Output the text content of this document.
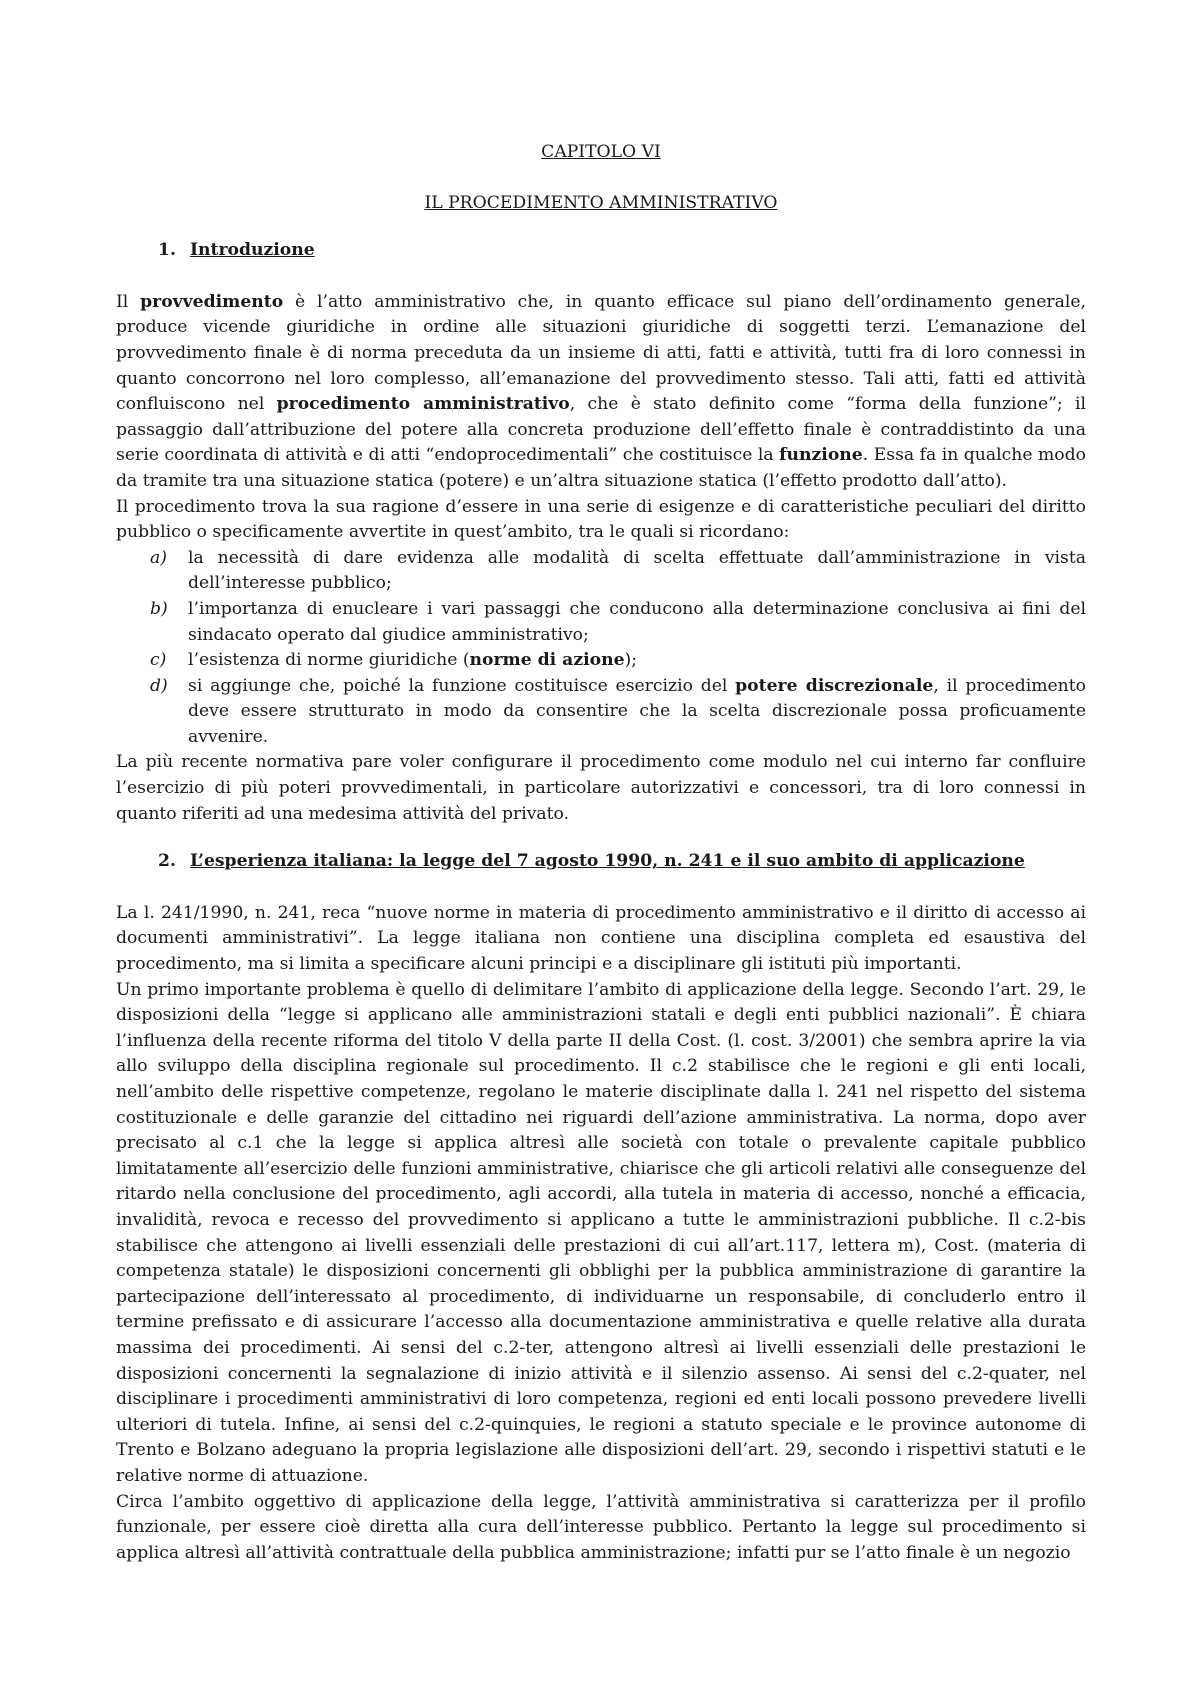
CAPITOLO VI

IL PROCEDIMENTO AMMINISTRATIVO

1. Introduzione

Il provvedimento è l’atto amministrativo che, in quanto efficace sul piano dell’ordinamento generale, produce vicende giuridiche in ordine alle situazioni giuridiche di soggetti terzi. L’emanazione del provvedimento finale è di norma preceduta da un insieme di atti, fatti e attività, tutti fra di loro connessi in quanto concorrono nel loro complesso, all’emanazione del provvedimento stesso. Tali atti, fatti ed attività confluiscono nel procedimento amministrativo, che è stato definito come “forma della funzione”; il passaggio dall’attribuzione del potere alla concreta produzione dell’effetto finale è contraddistinto da una serie coordinata di attività e di atti “endoprocedimentali” che costituisce la funzione. Essa fa in qualche modo da tramite tra una situazione statica (potere) e un’altra situazione statica (l’effetto prodotto dall’atto).

Il procedimento trova la sua ragione d’essere in una serie di esigenze e di caratteristiche peculiari del diritto pubblico o specificamente avvertite in quest’ambito, tra le quali si ricordano:

a)	la necessità di dare evidenza alle modalità di scelta effettuate dall’amministrazione in vista dell’interesse pubblico;
b)	l’importanza di enucleare i vari passaggi che conducono alla determinazione conclusiva ai fini del sindacato operato dal giudice amministrativo;
c)	l’esistenza di norme giuridiche (norme di azione);
d)	si aggiunge che, poiché la funzione costituisce esercizio del potere discrezionale, il procedimento deve essere strutturato in modo da consentire che la scelta discrezionale possa proficuamente avvenire.

La più recente normativa pare voler configurare il procedimento come modulo nel cui interno far confluire l’esercizio di più poteri provvedimentali, in particolare autorizzativi e concessori, tra di loro connessi in quanto riferiti ad una medesima attività del privato.

2. L’esperienza italiana: la legge del 7 agosto 1990, n. 241 e il suo ambito di applicazione

La l. 241/1990, n. 241, reca “nuove norme in materia di procedimento amministrativo e il diritto di accesso ai documenti amministrativi”. La legge italiana non contiene una disciplina completa ed esaustiva del procedimento, ma si limita a specificare alcuni principi e a disciplinare gli istituti più importanti.

Un primo importante problema è quello di delimitare l’ambito di applicazione della legge. Secondo l’art. 29, le disposizioni della “legge si applicano alle amministrazioni statali e degli enti pubblici nazionali”. È chiara l’influenza della recente riforma del titolo V della parte II della Cost. (l. cost. 3/2001) che sembra aprire la via allo sviluppo della disciplina regionale sul procedimento. Il c.2 stabilisce che le regioni e gli enti locali, nell’ambito delle rispettive competenze, regolano le materie disciplinate dalla l. 241 nel rispetto del sistema costituzionale e delle garanzie del cittadino nei riguardi dell’azione amministrativa. La norma, dopo aver precisato al c.1 che la legge si applica altresì alle società con totale o prevalente capitale pubblico limitatamente all’esercizio delle funzioni amministrative, chiarisce che gli articoli relativi alle conseguenze del ritardo nella conclusione del procedimento, agli accordi, alla tutela in materia di accesso, nonché a efficacia, invalidità, revoca e recesso del provvedimento si applicano a tutte le amministrazioni pubbliche. Il c.2-bis stabilisce che attengono ai livelli essenziali delle prestazioni di cui all’art.117, lettera m), Cost. (materia di competenza statale) le disposizioni concernenti gli obblighi per la pubblica amministrazione di garantire la partecipazione dell’interessato al procedimento, di individuarne un responsabile, di concluderlo entro il termine prefissato e di assicurare l’accesso alla documentazione amministrativa e quelle relative alla durata massima dei procedimenti. Ai sensi del c.2-ter, attengono altresì ai livelli essenziali delle prestazioni le disposizioni concernenti la segnalazione di inizio attività e il silenzio assenso. Ai sensi del c.2-quater, nel disciplinare i procedimenti amministrativi di loro competenza, regioni ed enti locali possono prevedere livelli ulteriori di tutela. Infine, ai sensi del c.2-quinquies, le regioni a statuto speciale e le province autonome di Trento e Bolzano adeguano la propria legislazione alle disposizioni dell’art. 29, secondo i rispettivi statuti e le relative norme di attuazione.

Circa l’ambito oggettivo di applicazione della legge, l’attività amministrativa si caratterizza per il profilo funzionale, per essere cioè diretta alla cura dell’interesse pubblico. Pertanto la legge sul procedimento si applica altresì all’attività contrattuale della pubblica amministrazione; infatti pur se l’atto finale è un negozio
